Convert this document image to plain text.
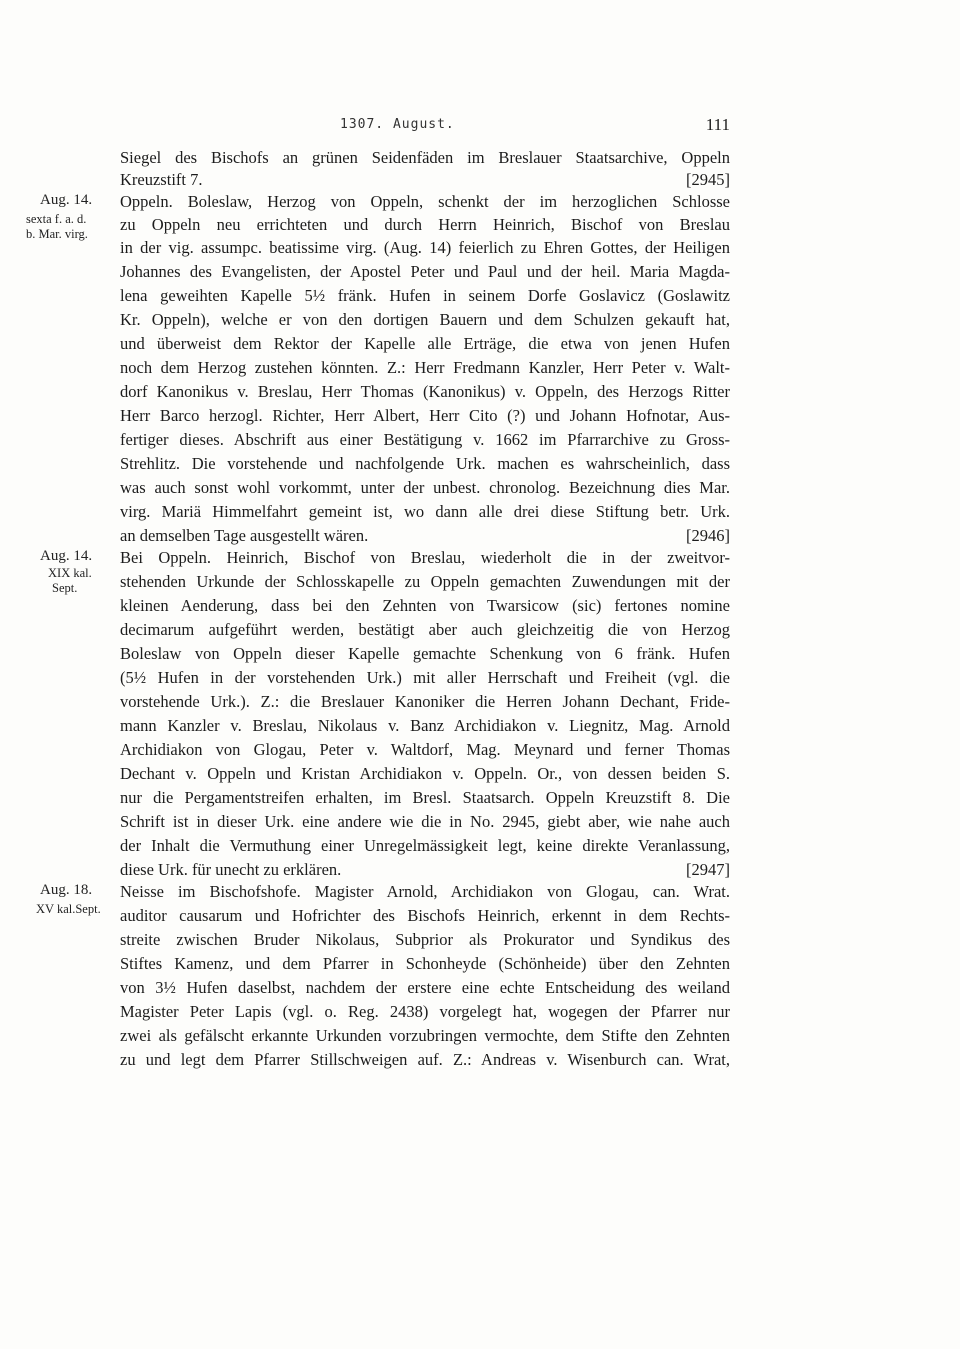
1307. August.	111
Siegel des Bischofs an grünen Seidenfäden im Breslauer Staatsarchive, Oppeln
Kreuzstift 7.	[2945]
Aug. 14.
sexta f. a. d.
b. Mar. virg.
Oppeln. Boleslaw, Herzog von Oppeln, schenkt der im herzoglichen Schlosse
zu Oppeln neu errichteten und durch Herrn Heinrich, Bischof von Breslau
in der vig. assumpc. beatissime virg. (Aug. 14) feierlich zu Ehren Gottes, der Heiligen
Johannes des Evangelisten, der Apostel Peter und Paul und der heil. Maria Magda-
lena geweihten Kapelle 5½ fränk. Hufen in seinem Dorfe Goslavicz (Goslawitz
Kr. Oppeln), welche er von den dortigen Bauern und dem Schulzen gekauft hat,
und überweist dem Rektor der Kapelle alle Erträge, die etwa von jenen Hufen
noch dem Herzog zustehen könnten. Z.: Herr Fredmann Kanzler, Herr Peter v. Walt-
dorf Kanonikus v. Breslau, Herr Thomas (Kanonikus) v. Oppeln, des Herzogs Ritter
Herr Barco herzogl. Richter, Herr Albert, Herr Cito (?) und Johann Hofnotar, Aus-
fertiger dieses. Abschrift aus einer Bestätigung v. 1662 im Pfarrarchive zu Gross-
Strehlitz. Die vorstehende und nachfolgende Urk. machen es wahrscheinlich, dass
was auch sonst wohl vorkommt, unter der unbest. chronolog. Bezeichnung dies Mar.
virg. Mariä Himmelfahrt gemeint ist, wo dann alle drei diese Stiftung betr. Urk.
an demselben Tage ausgestellt wären.	[2946]
Aug. 14.
XIX kal.
Sept.
Bei Oppeln. Heinrich, Bischof von Breslau, wiederholt die in der zweitvor-
stehenden Urkunde der Schlosskapelle zu Oppeln gemachten Zuwendungen mit der
kleinen Aenderung, dass bei den Zehnten von Twarsicow (sic) fertones nomine
decimarum aufgeführt werden, bestätigt aber auch gleichzeitig die von Herzog
Boleslaw von Oppeln dieser Kapelle gemachte Schenkung von 6 fränk. Hufen
(5½ Hufen in der vorstehenden Urk.) mit aller Herrschaft und Freiheit (vgl. die
vorstehende Urk.). Z.: die Breslauer Kanoniker die Herren Johann Dechant, Fride-
mann Kanzler v. Breslau, Nikolaus v. Banz Archidiakon v. Liegnitz, Mag. Arnold
Archidiakon von Glogau, Peter v. Waltdorf, Mag. Meynard und ferner Thomas
Dechant v. Oppeln und Kristan Archidiakon v. Oppeln. Or., von dessen beiden S.
nur die Pergamentstreifen erhalten, im Bresl. Staatsarch. Oppeln Kreuzstift 8. Die
Schrift ist in dieser Urk. eine andere wie die in No. 2945, giebt aber, wie nahe auch
der Inhalt die Vermuthung einer Unregelmässigkeit legt, keine direkte Veranlassung,
diese Urk. für unecht zu erklären.	[2947]
Aug. 18.
XV kal.Sept.
Neisse im Bischofshofe. Magister Arnold, Archidiakon von Glogau, can. Wrat.
auditor causarum und Hofrichter des Bischofs Heinrich, erkennt in dem Rechts-
streite zwischen Bruder Nikolaus, Subprior als Prokurator und Syndikus des
Stiftes Kamenz, und dem Pfarrer in Schonheyde (Schönheide) über den Zehnten
von 3½ Hufen daselbst, nachdem der erstere eine echte Entscheidung des weiland
Magister Peter Lapis (vgl. o. Reg. 2438) vorgelegt hat, wogegen der Pfarrer nur
zwei als gefälscht erkannte Urkunden vorzubringen vermochte, dem Stifte den Zehnten
zu und legt dem Pfarrer Stillschweigen auf. Z.: Andreas v. Wisenburch can. Wrat,
